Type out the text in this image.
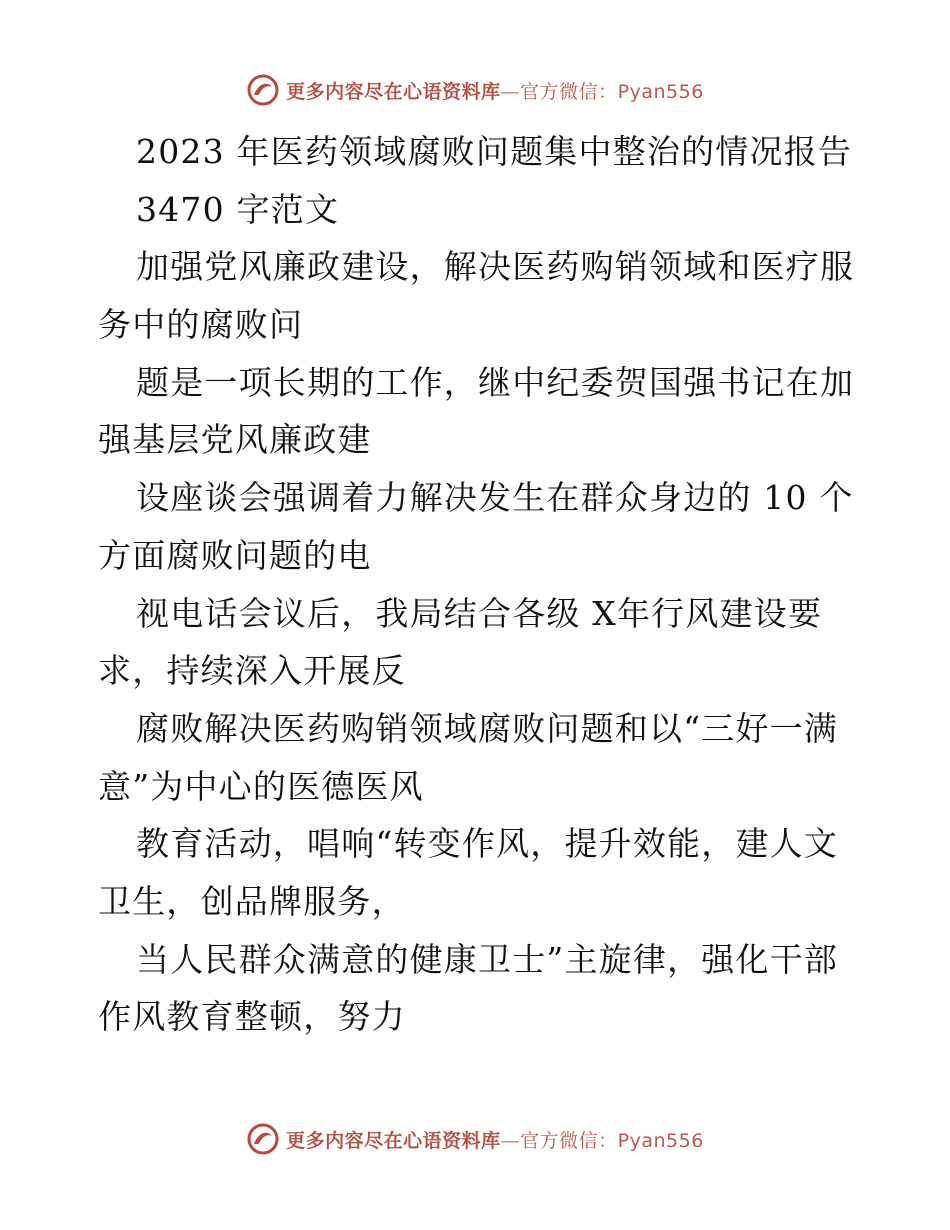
更多内容尽在心语资料库—官方微信：Pyan556
2023 年医药领域腐败问题集中整治的情况报告
3470 字范文
加强党风廉政建设，解决医药购销领域和医疗服
务中的腐败问
题是一项长期的工作，继中纪委贺国强书记在加
强基层党风廉政建
设座谈会强调着力解决发生在群众身边的 10 个
方面腐败问题的电
视电话会议后，我局结合各级 X年行风建设要
求，持续深入开展反
腐败解决医药购销领域腐败问题和以“三好一满
意”为中心的医德医风
教育活动，唱响“转变作风，提升效能，建人文
卫生，创品牌服务，
当人民群众满意的健康卫士”主旋律，强化干部
作风教育整顿，努力
更多内容尽在心语资料库—官方微信：Pyan556
